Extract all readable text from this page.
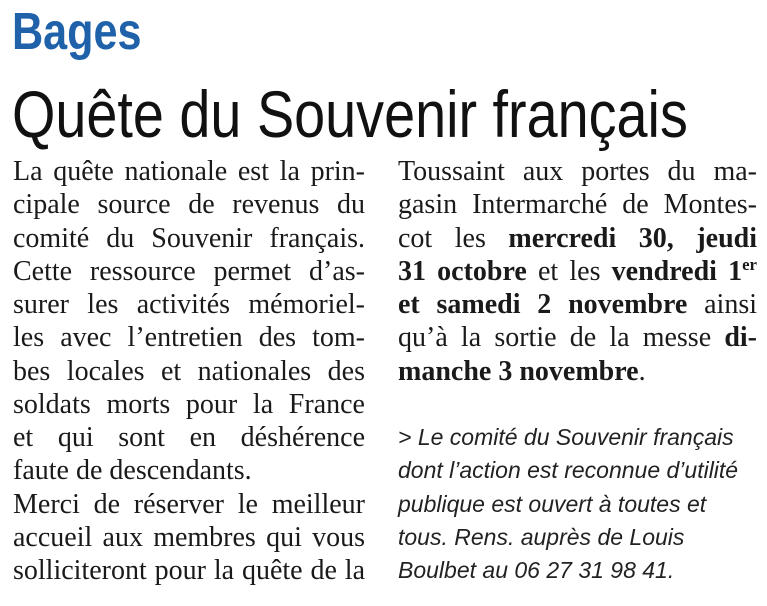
Bages
Quête du Souvenir français
La quête nationale est la prin-
cipale source de revenus du
comité du Souvenir français.
Cette ressource permet d’as-
surer les activités mémoriel-
les avec l’entretien des tom-
bes locales et nationales des
soldats morts pour la France
et qui sont en déshérence
faute de descendants.
Merci de réserver le meilleur
accueil aux membres qui vous
solliciteront pour la quête de la
Toussaint aux portes du ma-
gasin Intermarché de Montes-
cot les mercredi 30, jeudi
31 octobre et les vendredi 1er
et samedi 2 novembre ainsi
qu’à la sortie de la messe di-
manche 3 novembre.
> Le comité du Souvenir français
dont l’action est reconnue d’utilité
publique est ouvert à toutes et
tous. Rens. auprès de Louis
Boulbet au 06 27 31 98 41.
